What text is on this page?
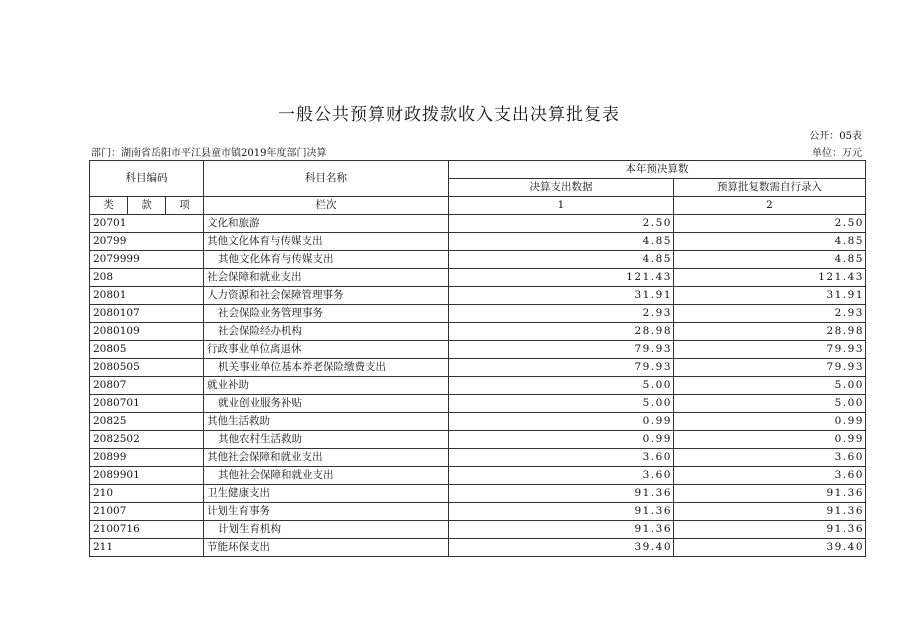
一般公共预算财政拨款收入支出决算批复表
公开：05表
部门：湖南省岳阳市平江县童市镇2019年度部门决算	单位：万元
科目编码			科目名称	本年预决算数	
				决算支出数据	预算批复数需自行录入
类	款	项	栏次	1	2
20701			文化和旅游	2.50	2.50
20799			其他文化体育与传媒支出	4.85	4.85
2079999			其他文化体育与传媒支出	4.85	4.85
208			社会保障和就业支出	121.43	121.43
20801			人力资源和社会保障管理事务	31.91	31.91
2080107			社会保险业务管理事务	2.93	2.93
2080109			社会保险经办机构	28.98	28.98
20805			行政事业单位离退休	79.93	79.93
2080505			机关事业单位基本养老保险缴费支出	79.93	79.93
20807			就业补助	5.00	5.00
2080701			就业创业服务补贴	5.00	5.00
20825			其他生活救助	0.99	0.99
2082502			其他农村生活救助	0.99	0.99
20899			其他社会保障和就业支出	3.60	3.60
2089901			其他社会保障和就业支出	3.60	3.60
210			卫生健康支出	91.36	91.36
21007			计划生育事务	91.36	91.36
2100716			计划生育机构	91.36	91.36
211			节能环保支出	39.40	39.40
